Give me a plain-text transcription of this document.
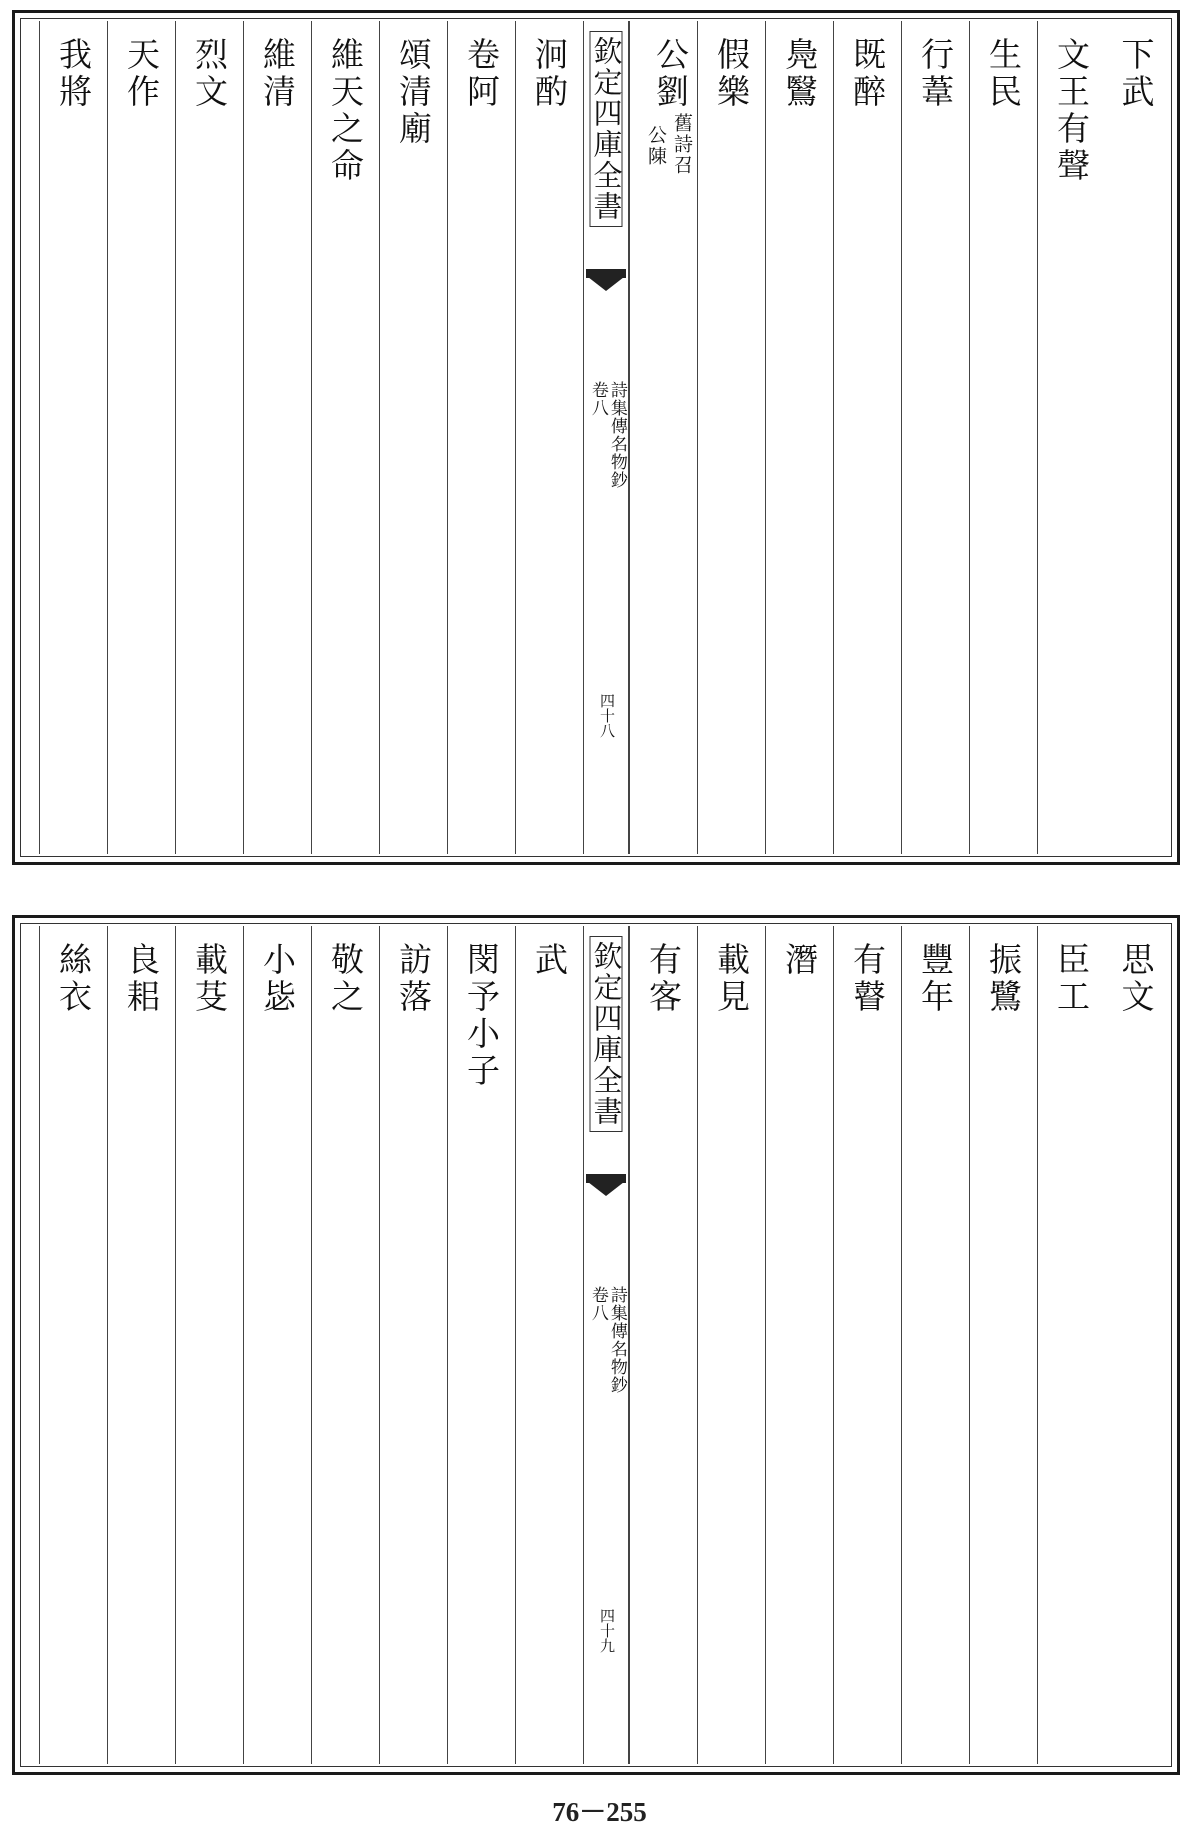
下武
文王有聲
生民
行葦
既醉
鳧鷖
假樂
公劉
舊詩召
公陳
欽定四庫全書
詩集傳名物鈔
卷八
四十八
泂酌
卷阿
頌清廟
維天之命
維清
烈文
天作
我將
思文
臣工
振鷺
豐年
有瞽
潛
載見
有客
欽定四庫全書
詩集傳名物鈔
卷八
四十九
武
閔予小子
訪落
敬之
小毖
載芟
良耜
絲衣
76－255
